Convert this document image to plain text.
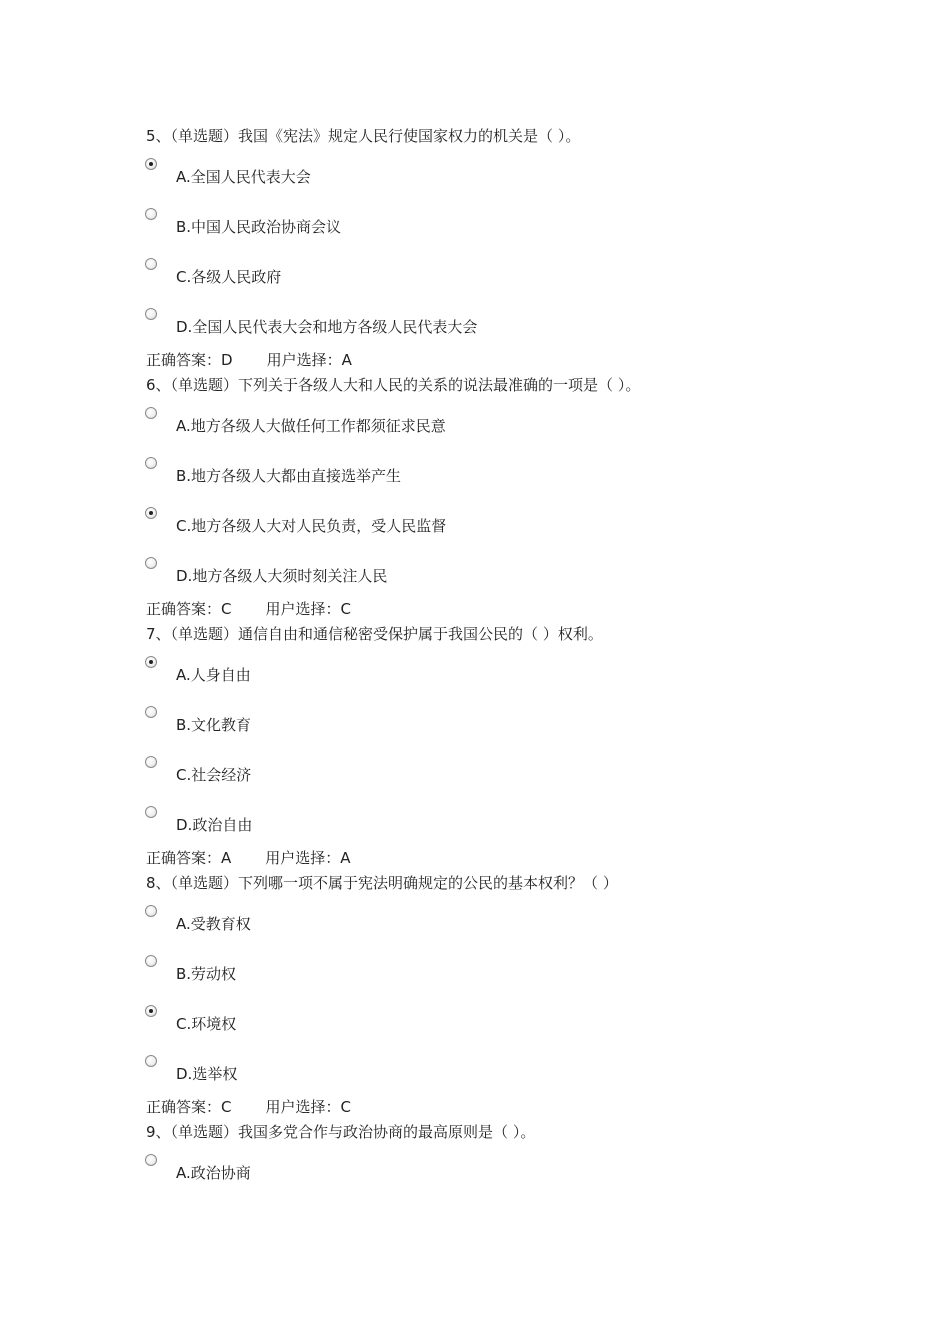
5、（单选题）我国《宪法》规定人民行使国家权力的机关是（ ）。
A.全国人民代表大会
B.中国人民政治协商会议
C.各级人民政府
D.全国人民代表大会和地方各级人民代表大会
正确答案：D 用户选择：A
6、（单选题）下列关于各级人大和人民的关系的说法最准确的一项是（ ）。
A.地方各级人大做任何工作都须征求民意
B.地方各级人大都由直接选举产生
C.地方各级人大对人民负责，受人民监督
D.地方各级人大须时刻关注人民
正确答案：C 用户选择：C
7、（单选题）通信自由和通信秘密受保护属于我国公民的（ ）权利。
A.人身自由
B.文化教育
C.社会经济
D.政治自由
正确答案：A 用户选择：A
8、（单选题）下列哪一项不属于宪法明确规定的公民的基本权利？（ ）
A.受教育权
B.劳动权
C.环境权
D.选举权
正确答案：C 用户选择：C
9、（单选题）我国多党合作与政治协商的最高原则是（ ）。
A.政治协商
